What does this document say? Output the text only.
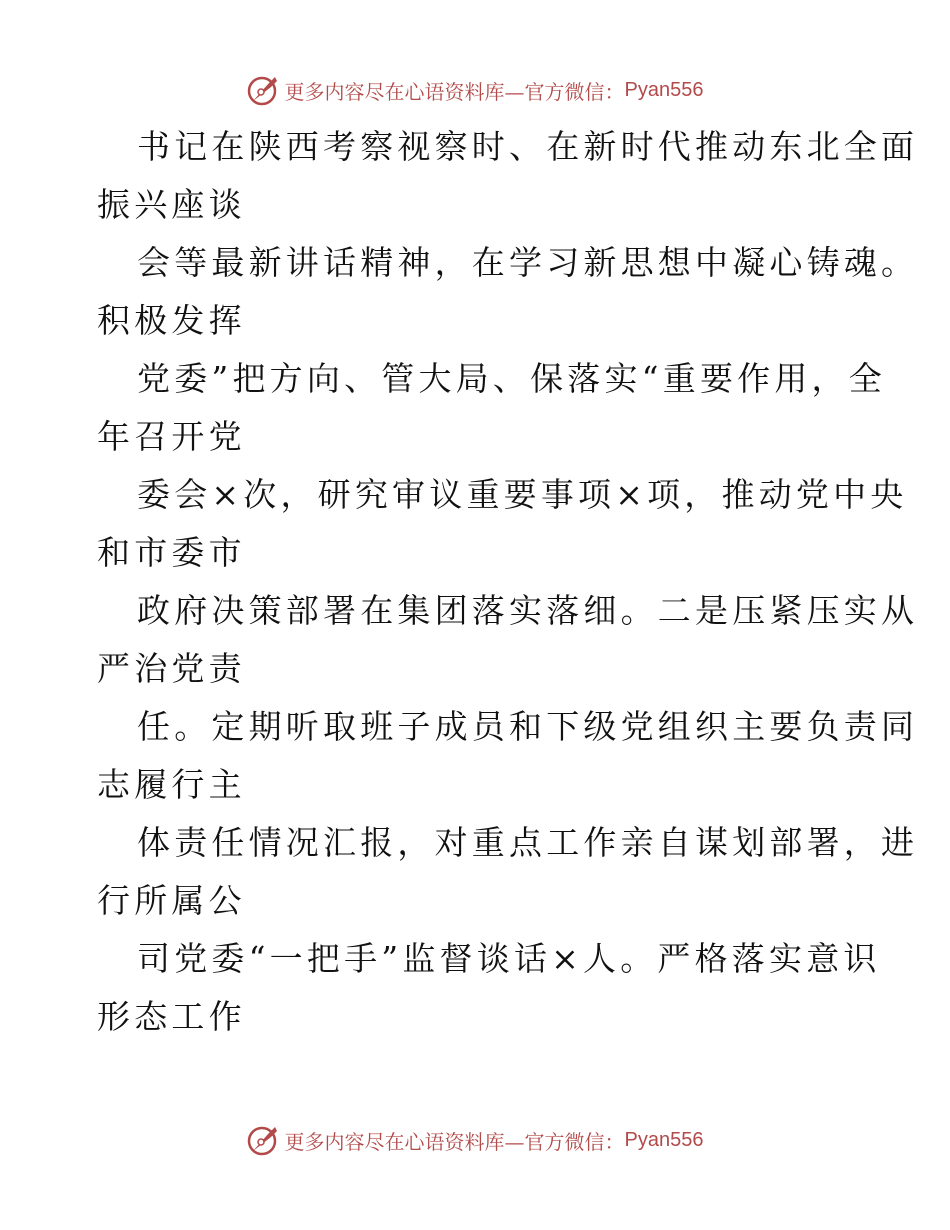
更多内容尽在心语资料库—官方微信： Pyan556
书记在陕西考察视察时、在新时代推动东北全面
振兴座谈
会等最新讲话精神，在学习新思想中凝心铸魂。
积极发挥
党委”把方向、管大局、保落实“重要作用，全
年召开党
委会×次，研究审议重要事项×项，推动党中央
和市委市
政府决策部署在集团落实落细。二是压紧压实从
严治党责
任。定期听取班子成员和下级党组织主要负责同
志履行主
体责任情况汇报，对重点工作亲自谋划部署，进
行所属公
司党委“一把手”监督谈话×人。严格落实意识
形态工作
更多内容尽在心语资料库—官方微信： Pyan556
